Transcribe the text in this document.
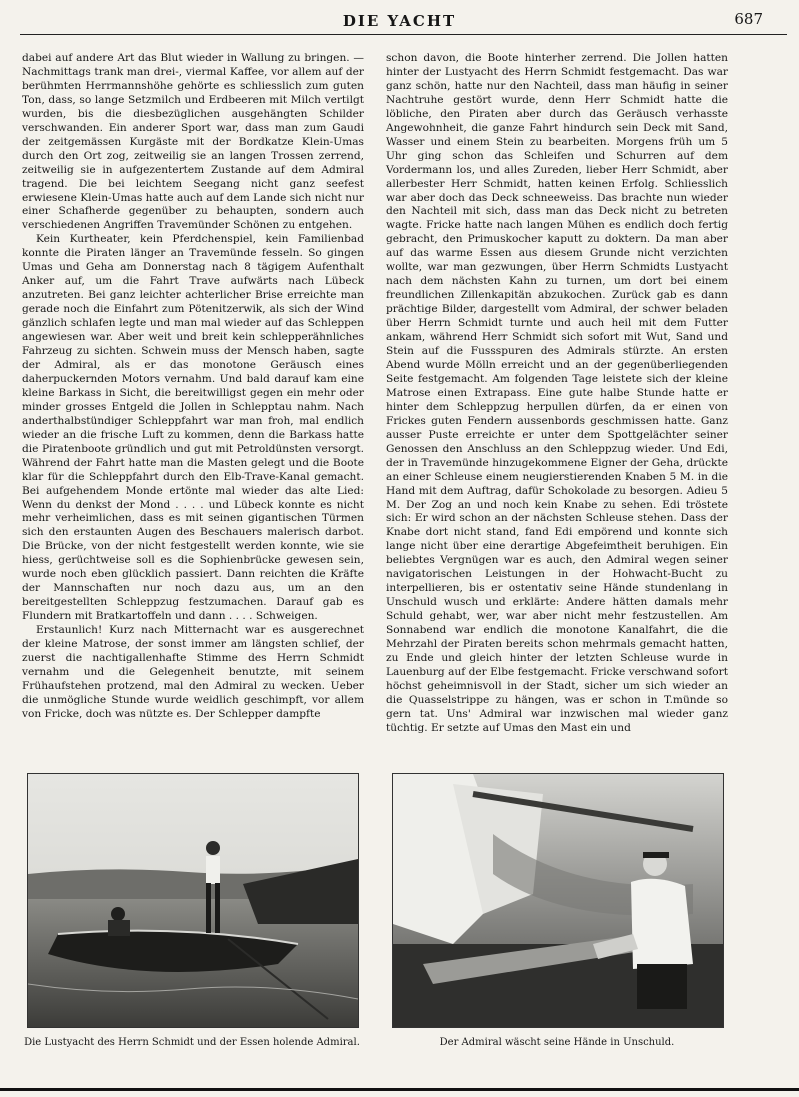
DIE YACHT	687

dabei auf andere Art das Blut wieder in Wallung zu bringen. — Nachmittags trank man drei-, viermal Kaffee, vor allem auf der berühmten Herrmannshöhe gehörte es schliesslich zum guten Ton, dass, so lange Setzmilch und Erdbeeren mit Milch vertilgt wurden, bis die diesbezüglichen ausgehängten Schilder verschwanden. Ein anderer Sport war, dass man zum Gaudi der zeitgemässen Kurgäste mit der Bordkatze Klein-Umas durch den Ort zog, zeitweilig sie an langen Trossen zerrend, zeitweilig sie in aufgezentertem Zustande auf dem Admiral tragend. Die bei leichtem Seegang nicht ganz seefest erwiesene Klein-Umas hatte auch auf dem Lande sich nicht nur einer Schafherde gegenüber zu behaupten, sondern auch verschiedenen Angriffen Travemünder Schönen zu entgehen.

Kein Kurtheater, kein Pferdchenspiel, kein Familienbad konnte die Piraten länger an Travemünde fesseln. So gingen Umas und Geha am Donnerstag nach 8 tägigem Aufenthalt Anker auf, um die Fahrt Trave aufwärts nach Lübeck anzutreten. Bei ganz leichter achterlicher Brise erreichte man gerade noch die Einfahrt zum Pötenitzerwik, als sich der Wind gänzlich schlafen legte und man mal wieder auf das Schleppen angewiesen war. Aber weit und breit kein schlepperähnliches Fahrzeug zu sichten. Schwein muss der Mensch haben, sagte der Admiral, als er das monotone Geräusch eines daherpuckernden Motors vernahm. Und bald darauf kam eine kleine Barkass in Sicht, die bereitwilligst gegen ein mehr oder minder grosses Entgeld die Jollen in Schlepptau nahm. Nach anderthalbstündiger Schleppfahrt war man froh, mal endlich wieder an die frische Luft zu kommen, denn die Barkass hatte die Piratenboote gründlich und gut mit Petroldünsten versorgt. Während der Fahrt hatte man die Masten gelegt und die Boote klar für die Schleppfahrt durch den Elb-Trave-Kanal gemacht. Bei aufgehendem Monde ertönte mal wieder das alte Lied: Wenn du denkst der Mond . . . . und Lübeck konnte es nicht mehr verheimlichen, dass es mit seinen gigantischen Türmen sich den erstaunten Augen des Beschauers malerisch darbot. Die Brücke, von der nicht festgestellt werden konnte, wie sie hiess, gerüchtweise soll es die Sophienbrücke gewesen sein, wurde noch eben glücklich passiert. Dann reichten die Kräfte der Mannschaften nur noch dazu aus, um an den bereitgestellten Schleppzug festzumachen. Darauf gab es Flundern mit Bratkartoffeln und dann . . . . Schweigen.

Erstaunlich! Kurz nach Mitternacht war es ausgerechnet der kleine Matrose, der sonst immer am längsten schlief, der zuerst die nachtigallenhafte Stimme des Herrn Schmidt vernahm und die Gelegenheit benutzte, mit seinem Frühaufstehen protzend, mal den Admiral zu wecken. Ueber die unmögliche Stunde wurde weidlich geschimpft, vor allem von Fricke, doch was nützte es. Der Schlepper dampfte

schon davon, die Boote hinterher zerrend. Die Jollen hatten hinter der Lustyacht des Herrn Schmidt festgemacht. Das war ganz schön, hatte nur den Nachteil, dass man häufig in seiner Nachtruhe gestört wurde, denn Herr Schmidt hatte die löbliche, den Piraten aber durch das Geräusch verhasste Angewohnheit, die ganze Fahrt hindurch sein Deck mit Sand, Wasser und einem Stein zu bearbeiten. Morgens früh um 5 Uhr ging schon das Schleifen und Schurren auf dem Vordermann los, und alles Zureden, lieber Herr Schmidt, aber allerbester Herr Schmidt, hatten keinen Erfolg. Schliesslich war aber doch das Deck schneeweiss. Das brachte nun wieder den Nachteil mit sich, dass man das Deck nicht zu betreten wagte. Fricke hatte nach langen Mühen es endlich doch fertig gebracht, den Primuskocher kaputt zu doktern. Da man aber auf das warme Essen aus diesem Grunde nicht verzichten wollte, war man gezwungen, über Herrn Schmidts Lustyacht nach dem nächsten Kahn zu turnen, um dort bei einem freundlichen Zillenkapitän abzukochen. Zurück gab es dann prächtige Bilder, dargestellt vom Admiral, der schwer beladen über Herrn Schmidt turnte und auch heil mit dem Futter ankam, während Herr Schmidt sich sofort mit Wut, Sand und Stein auf die Fussspuren des Admirals stürzte. An ersten Abend wurde Mölln erreicht und an der gegenüberliegenden Seite festgemacht. Am folgenden Tage leistete sich der kleine Matrose einen Extrapass. Eine gute halbe Stunde hatte er hinter dem Schleppzug herpullen dürfen, da er einen von Frickes guten Fendern aussenbords geschmissen hatte. Ganz ausser Puste erreichte er unter dem Spottgelächter seiner Genossen den Anschluss an den Schleppzug wieder. Und Edi, der in Travemünde hinzugekommene Eigner der Geha, drückte an einer Schleuse einem neugierstierenden Knaben 5 M. in die Hand mit dem Auftrag, dafür Schokolade zu besorgen. Adieu 5 M. Der Zog an und noch kein Knabe zu sehen. Edi tröstete sich: Er wird schon an der nächsten Schleuse stehen. Dass der Knabe dort nicht stand, fand Edi empörend und konnte sich lange nicht über eine derartige Abgefeimtheit beruhigen. Ein beliebtes Vergnügen war es auch, den Admiral wegen seiner navigatorischen Leistungen in der Hohwacht-Bucht zu interpellieren, bis er ostentativ seine Hände stundenlang in Unschuld wusch und erklärte: Andere hätten damals mehr Schuld gehabt, wer, war aber nicht mehr festzustellen. Am Sonnabend war endlich die monotone Kanalfahrt, die die Mehrzahl der Piraten bereits schon mehrmals gemacht hatten, zu Ende und gleich hinter der letzten Schleuse wurde in Lauenburg auf der Elbe festgemacht. Fricke verschwand sofort höchst geheimnisvoll in der Stadt, sicher um sich wieder an die Quasselstrippe zu hängen, was er schon in T.münde so gern tat. Uns' Admiral war inzwischen mal wieder ganz tüchtig. Er setzte auf Umas den Mast ein und

Die Lustyacht des Herrn Schmidt und der Essen holende Admiral.	Der Admiral wäscht seine Hände in Unschuld.
